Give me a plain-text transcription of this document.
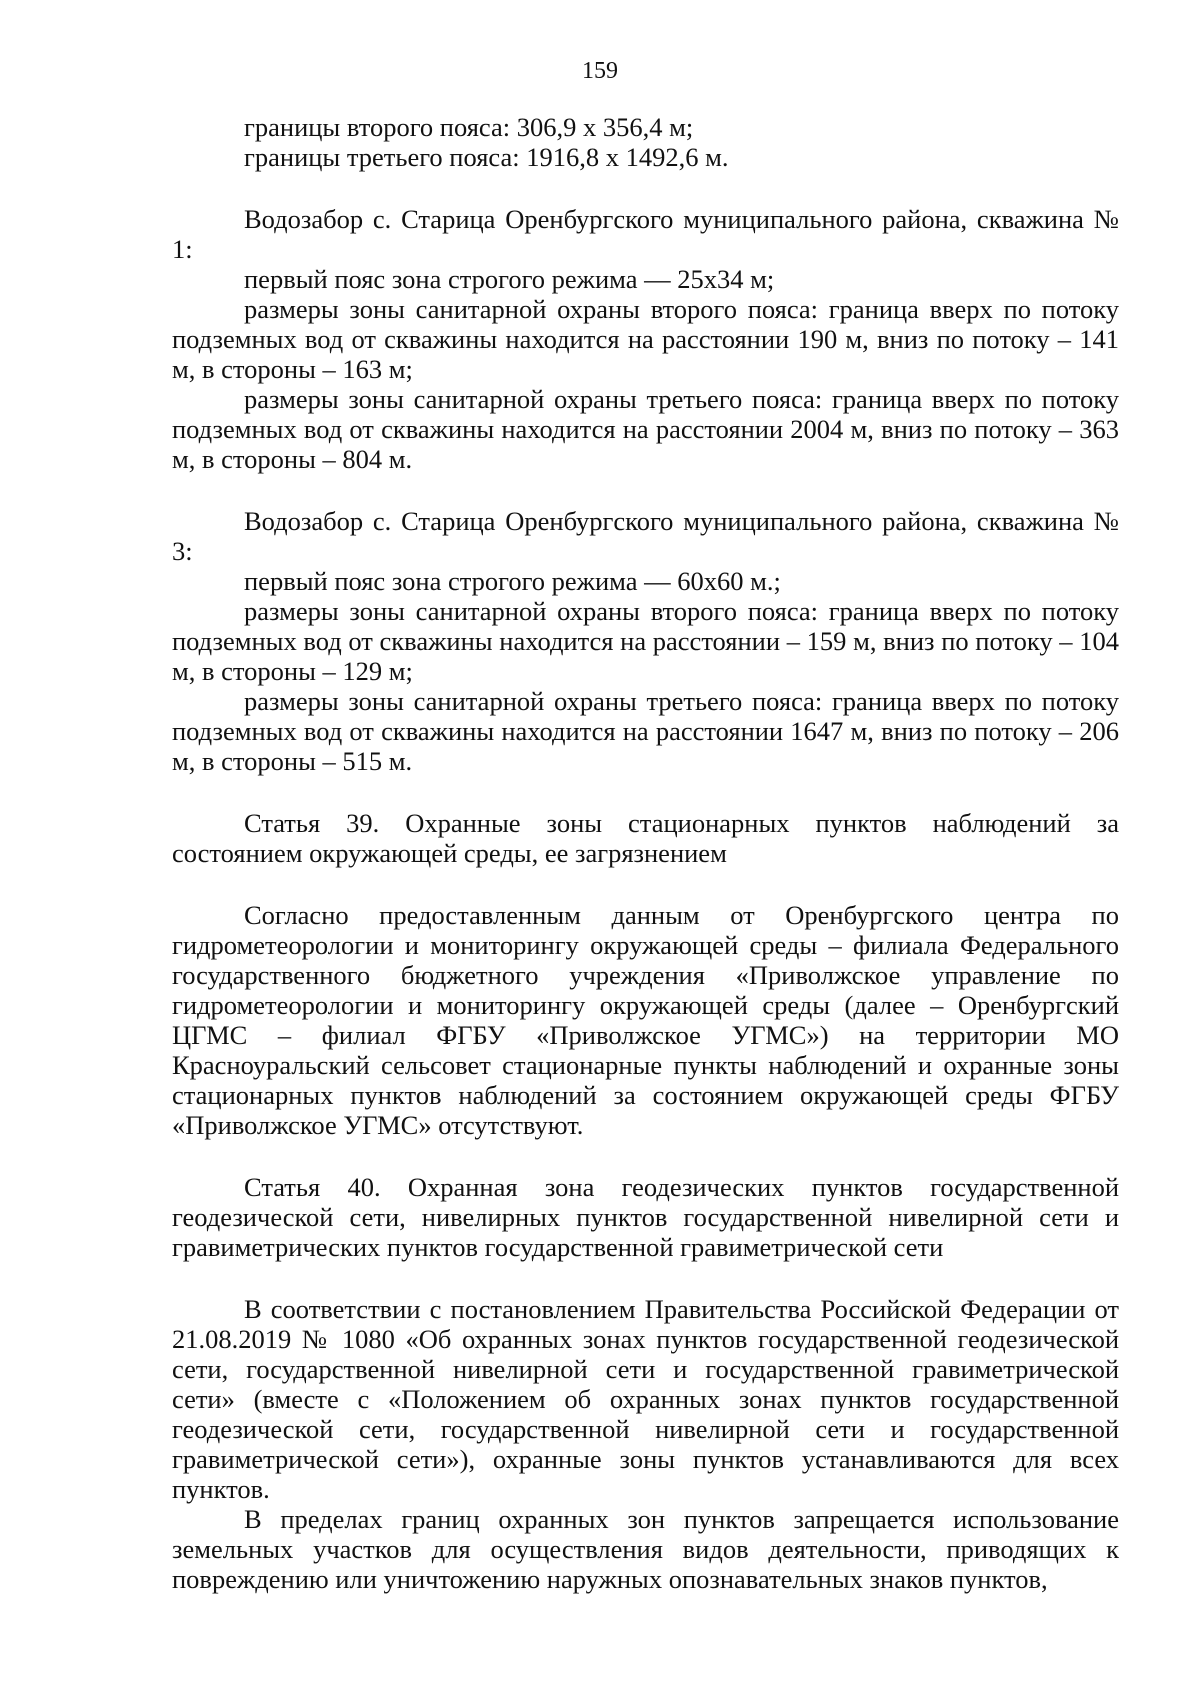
159

границы второго пояса: 306,9 х 356,4 м;

границы третьего пояса: 1916,8 х 1492,6 м.

Водозабор с. Старица Оренбургского муниципального района, скважина № 1:

первый пояс зона строгого режима — 25х34 м;

размеры зоны санитарной охраны второго пояса: граница вверх по потоку подземных вод от скважины находится на расстоянии 190 м, вниз по потоку – 141 м, в стороны – 163 м;

размеры зоны санитарной охраны третьего пояса: граница вверх по потоку подземных вод от скважины находится на расстоянии 2004 м, вниз по потоку – 363 м, в стороны – 804 м.

Водозабор с. Старица Оренбургского муниципального района, скважина № 3:

первый пояс зона строгого режима — 60х60 м.;

размеры зоны санитарной охраны второго пояса: граница вверх по потоку подземных вод от скважины находится на расстоянии – 159 м, вниз по потоку – 104 м, в стороны – 129 м;

размеры зоны санитарной охраны третьего пояса: граница вверх по потоку подземных вод от скважины находится на расстоянии 1647 м, вниз по потоку – 206 м, в стороны – 515 м.

Статья 39. Охранные зоны стационарных пунктов наблюдений за состоянием окружающей среды, ее загрязнением

Согласно предоставленным данным от Оренбургского центра по гидрометеорологии и мониторингу окружающей среды – филиала Федерального государственного бюджетного учреждения «Приволжское управление по гидрометеорологии и мониторингу окружающей среды (далее – Оренбургский ЦГМС – филиал ФГБУ «Приволжское УГМС») на территории МО Красноуральский сельсовет стационарные пункты наблюдений и охранные зоны стационарных пунктов наблюдений за состоянием окружающей среды ФГБУ «Приволжское УГМС» отсутствуют.

Статья 40. Охранная зона геодезических пунктов государственной геодезической сети, нивелирных пунктов государственной нивелирной сети и гравиметрических пунктов государственной гравиметрической сети

В соответствии с постановлением Правительства Российской Федерации от 21.08.2019 № 1080 «Об охранных зонах пунктов государственной геодезической сети, государственной нивелирной сети и государственной гравиметрической сети» (вместе с «Положением об охранных зонах пунктов государственной геодезической сети, государственной нивелирной сети и государственной гравиметрической сети»), охранные зоны пунктов устанавливаются для всех пунктов.

В пределах границ охранных зон пунктов запрещается использование земельных участков для осуществления видов деятельности, приводящих к повреждению или уничтожению наружных опознавательных знаков пунктов,
